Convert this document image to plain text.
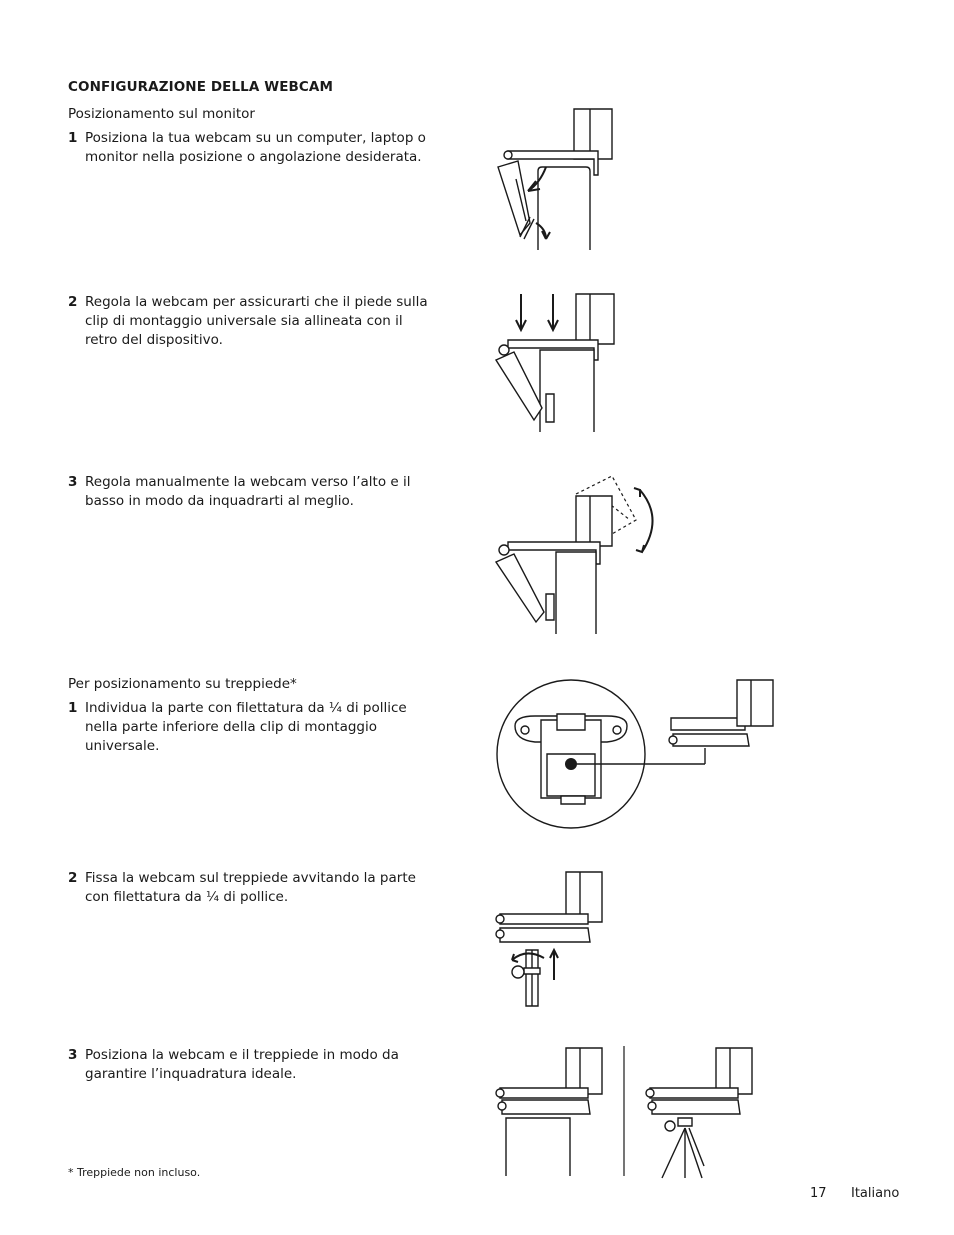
CONFIGURAZIONE DELLA WEBCAM
Posizionamento sul monitor
1 Posiziona la tua webcam su un computer, laptop o monitor nella posizione o angolazione desiderata.
2 Regola la webcam per assicurarti che il piede sulla clip di montaggio universale sia allineata con il retro del dispositivo.
3 Regola manualmente la webcam verso l’alto e il basso in modo da inquadrarti al meglio.
Per posizionamento su treppiede*
1 Individua la parte con filettatura da ¼ di pollice nella parte inferiore della clip di montaggio universale.
2 Fissa la webcam sul treppiede avvitando la parte con filettatura da ¼ di pollice.
3 Posiziona la webcam e il treppiede in modo da garantire l’inquadratura ideale.
* Treppiede non incluso.
17 Italiano
